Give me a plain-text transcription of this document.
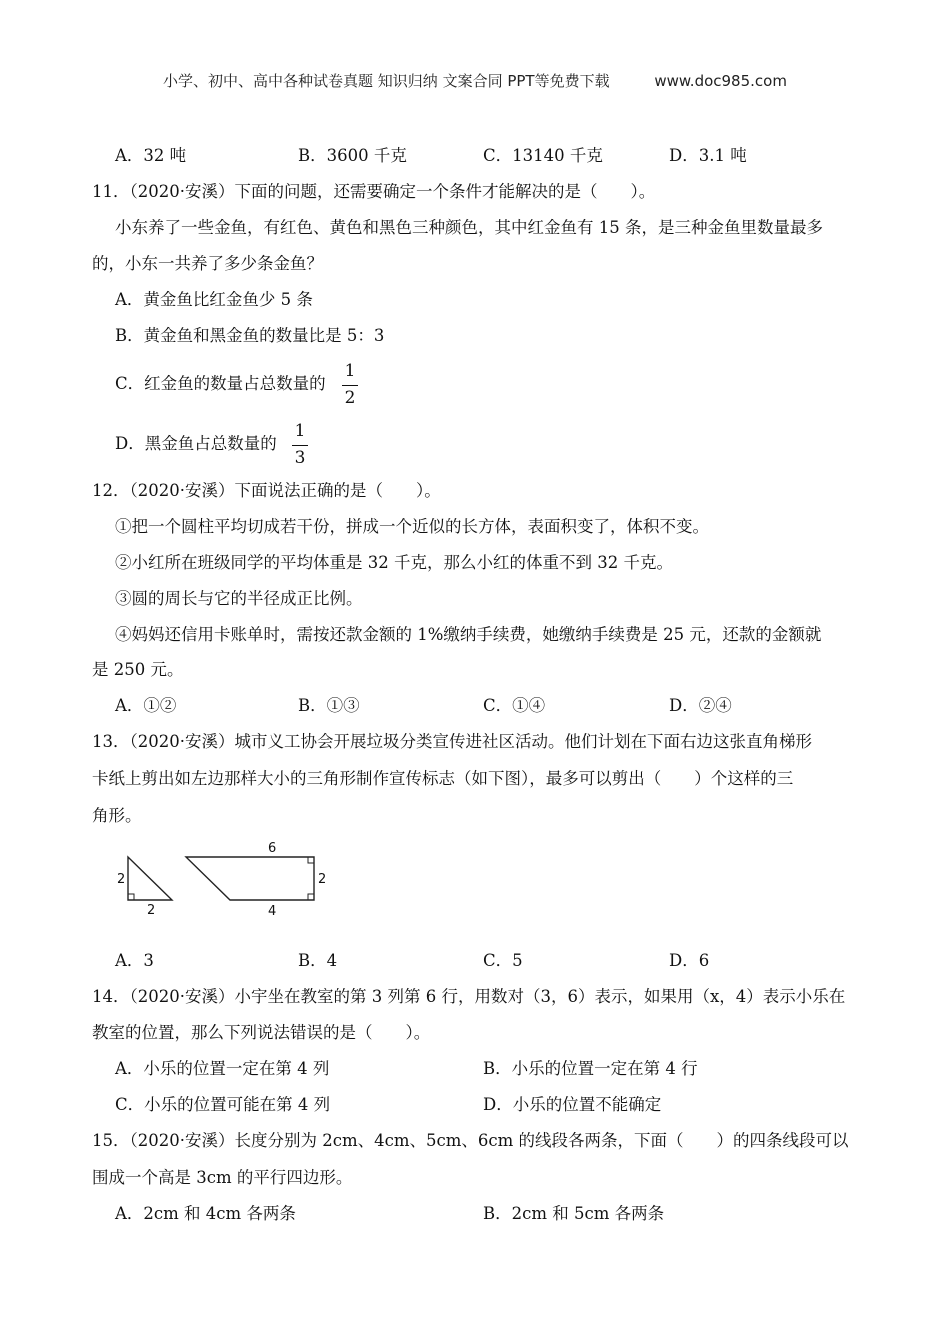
小学、初中、高中各种试卷真题 知识归纳 文案合同 PPT等免费下载	www.doc985.com
A．32 吨	B．3600 千克	C．13140 千克	D．3.1 吨
11．（2020·安溪）下面的问题，还需要确定一个条件才能解决的是（　　）。
小东养了一些金鱼，有红色、黄色和黑色三种颜色，其中红金鱼有 15 条，是三种金鱼里数量最多
的，小东一共养了多少条金鱼？
A．黄金鱼比红金鱼少 5 条
B．黄金鱼和黑金鱼的数量比是 5：3
C．红金鱼的数量占总数量的
1
2
D．黑金鱼占总数量的
1
3
12．（2020·安溪）下面说法正确的是（　　）。
①把一个圆柱平均切成若干份，拼成一个近似的长方体，表面积变了，体积不变。
②小红所在班级同学的平均体重是 32 千克，那么小红的体重不到 32 千克。
③圆的周长与它的半径成正比例。
④妈妈还信用卡账单时，需按还款金额的 1%缴纳手续费，她缴纳手续费是 25 元，还款的金额就
是 250 元。
A．①②	B．①③	C．①④	D．②④
13．（2020·安溪）城市义工协会开展垃圾分类宣传进社区活动。他们计划在下面右边这张直角梯形
卡纸上剪出如左边那样大小的三角形制作宣传标志（如下图），最多可以剪出（　　）个这样的三
角形。
2
2
6
2
4
A．3	B．4	C．5	D．6
14．（2020·安溪）小宇坐在教室的第 3 列第 6 行，用数对（3，6）表示，如果用（x，4）表示小乐在
教室的位置，那么下列说法错误的是（　　）。
A．小乐的位置一定在第 4 列	B．小乐的位置一定在第 4 行
C．小乐的位置可能在第 4 列	D．小乐的位置不能确定
15．（2020·安溪）长度分别为 2cm、4cm、5cm、6cm 的线段各两条，下面（　　）的四条线段可以
围成一个高是 3cm 的平行四边形。
A．2cm 和 4cm 各两条	B．2cm 和 5cm 各两条
